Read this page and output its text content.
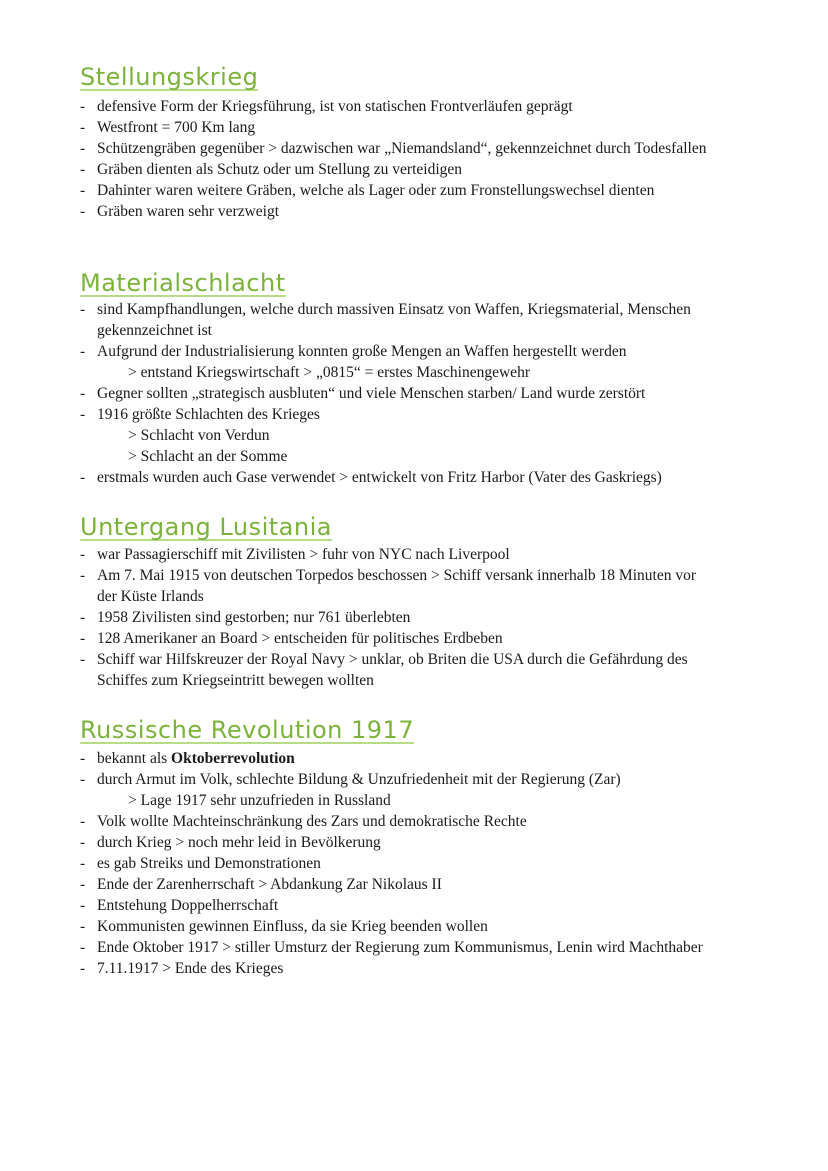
Stellungskrieg
- defensive Form der Kriegsführung, ist von statischen Frontverläufen geprägt
- Westfront = 700 Km lang
- Schützengräben gegenüber > dazwischen war „Niemandsland“, gekennzeichnet durch Todesfallen
- Gräben dienten als Schutz oder um Stellung zu verteidigen
- Dahinter waren weitere Gräben, welche als Lager oder zum Fronstellungswechsel dienten
- Gräben waren sehr verzweigt
Materialschlacht
- sind Kampfhandlungen, welche durch massiven Einsatz von Waffen, Kriegsmaterial, Menschen gekennzeichnet ist
- Aufgrund der Industrialisierung konnten große Mengen an Waffen hergestellt werden
> entstand Kriegswirtschaft > „0815“ = erstes Maschinengewehr
- Gegner sollten „strategisch ausbluten“ und viele Menschen starben/ Land wurde zerstört
- 1916 größte Schlachten des Krieges
> Schlacht von Verdun
> Schlacht an der Somme
- erstmals wurden auch Gase verwendet > entwickelt von Fritz Harbor (Vater des Gaskriegs)
Untergang Lusitania
- war Passagierschiff mit Zivilisten > fuhr von NYC nach Liverpool
- Am 7. Mai 1915 von deutschen Torpedos beschossen > Schiff versank innerhalb 18 Minuten vor der Küste Irlands
- 1958 Zivilisten sind gestorben; nur 761 überlebten
- 128 Amerikaner an Board > entscheiden für politisches Erdbeben
- Schiff war Hilfskreuzer der Royal Navy > unklar, ob Briten die USA durch die Gefährdung des Schiffes zum Kriegseintritt bewegen wollten
Russische Revolution 1917
- bekannt als Oktoberrevolution
- durch Armut im Volk, schlechte Bildung & Unzufriedenheit mit der Regierung (Zar)
> Lage 1917 sehr unzufrieden in Russland
- Volk wollte Machteinschränkung des Zars und demokratische Rechte
- durch Krieg > noch mehr leid in Bevölkerung
- es gab Streiks und Demonstrationen
- Ende der Zarenherrschaft > Abdankung Zar Nikolaus II
- Entstehung Doppelherrschaft
- Kommunisten gewinnen Einfluss, da sie Krieg beenden wollen
- Ende Oktober 1917 > stiller Umsturz der Regierung zum Kommunismus, Lenin wird Machthaber
- 7.11.1917 > Ende des Krieges
